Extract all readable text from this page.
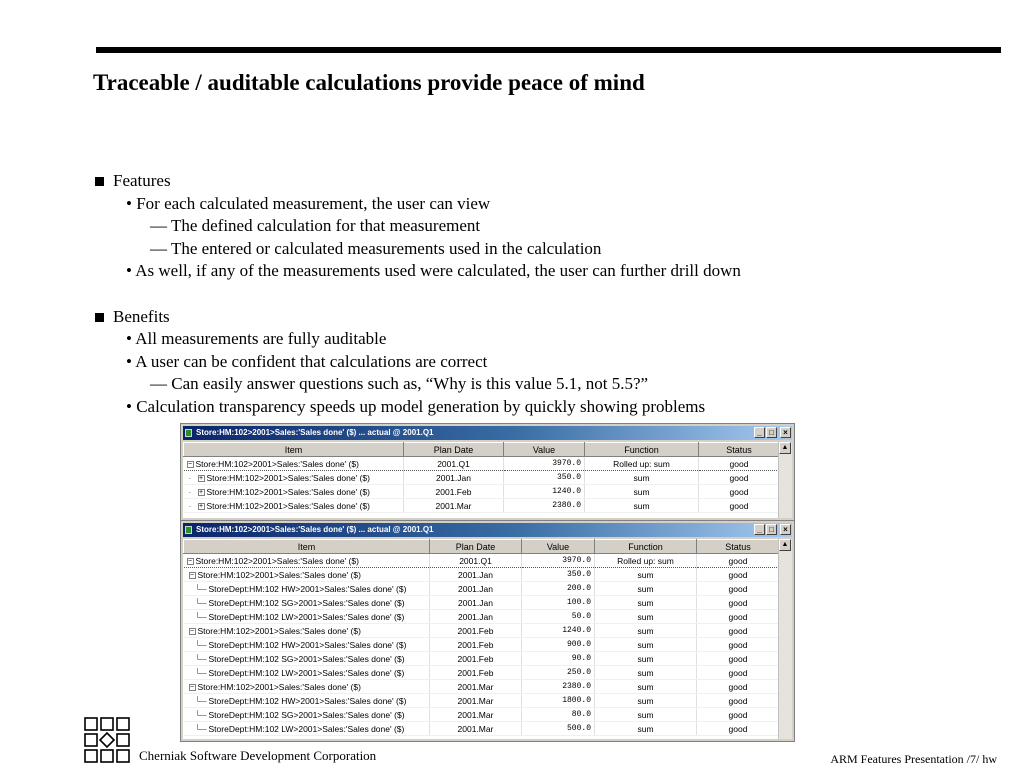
Traceable / auditable calculations provide peace of mind
Features
• For each calculated measurement, the user can view
— The defined calculation for that measurement
— The entered or calculated measurements used in the calculation
• As well, if any of the measurements used were calculated, the user can further drill down
Benefits
• All measurements are fully auditable
• A user can be confident that calculations are correct
— Can easily answer questions such as, “Why is this value 5.1, not 5.5?”
• Calculation transparency speeds up model generation by quickly showing problems
Store:HM:102>2001>Sales:'Sales done' ($) ... actual @ 2001.Q1	_ □	×
Item	Plan Date	Value	Function	Status
− Store:HM:102>2001>Sales:'Sales done' ($)	2001.Q1	3970.0	Rolled up: sum	good
· + Store:HM:102>2001>Sales:'Sales done' ($)	2001.Jan	350.0	sum	good
· + Store:HM:102>2001>Sales:'Sales done' ($)	2001.Feb	1240.0	sum	good
· + Store:HM:102>2001>Sales:'Sales done' ($)	2001.Mar	2380.0	sum	good
▲
Store:HM:102>2001>Sales:'Sales done' ($) ... actual @ 2001.Q1	_ □	×
Item	Plan Date	Value	Function	Status
− Store:HM:102>2001>Sales:'Sales done' ($)	2001.Q1	3970.0	Rolled up: sum	good
− Store:HM:102>2001>Sales:'Sales done' ($)	2001.Jan	350.0	sum	good
└─ StoreDept:HM:102 HW>2001>Sales:'Sales done' ($)	2001.Jan	200.0	sum	good
└─ StoreDept:HM:102 SG>2001>Sales:'Sales done' ($)	2001.Jan	100.0	sum	good
└─ StoreDept:HM:102 LW>2001>Sales:'Sales done' ($)	2001.Jan	50.0	sum	good
− Store:HM:102>2001>Sales:'Sales done' ($)	2001.Feb	1240.0	sum	good
└─ StoreDept:HM:102 HW>2001>Sales:'Sales done' ($)	2001.Feb	900.0	sum	good
└─ StoreDept:HM:102 SG>2001>Sales:'Sales done' ($)	2001.Feb	90.0	sum	good
└─ StoreDept:HM:102 LW>2001>Sales:'Sales done' ($)	2001.Feb	250.0	sum	good
− Store:HM:102>2001>Sales:'Sales done' ($)	2001.Mar	2380.0	sum	good
└─ StoreDept:HM:102 HW>2001>Sales:'Sales done' ($)	2001.Mar	1800.0	sum	good
└─ StoreDept:HM:102 SG>2001>Sales:'Sales done' ($)	2001.Mar	80.0	sum	good
└─ StoreDept:HM:102 LW>2001>Sales:'Sales done' ($)	2001.Mar	500.0	sum	good
▲
Cherniak Software Development Corporation	ARM Features Presentation /7/ hw
